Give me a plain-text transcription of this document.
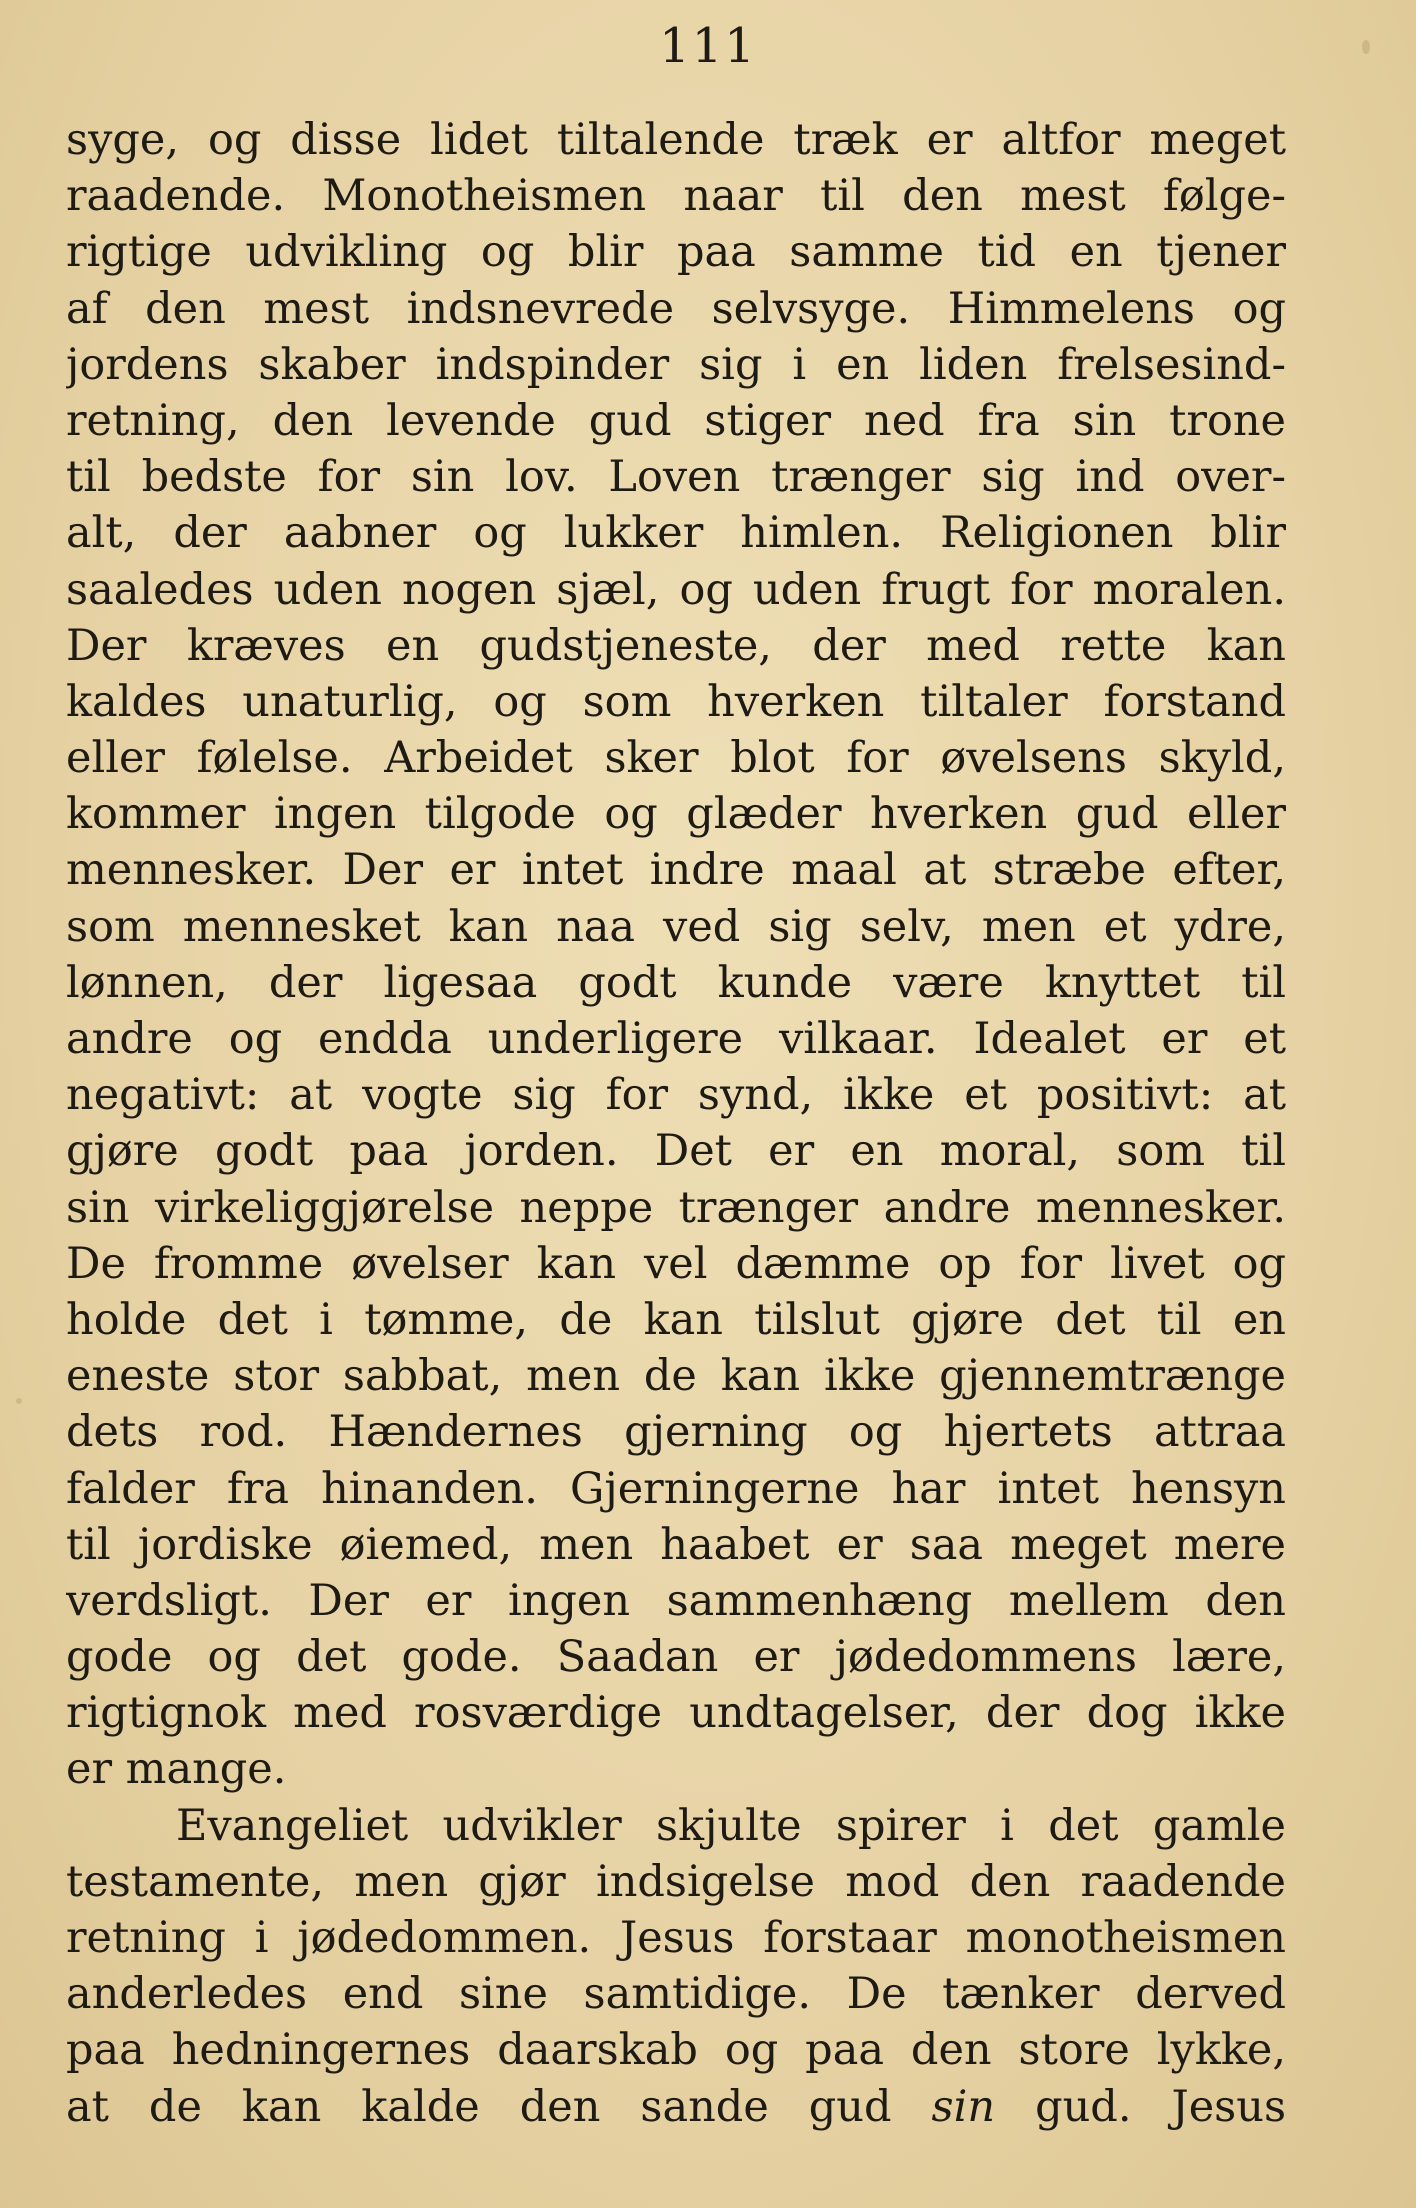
111
syge, og disse lidet tiltalende træk er altfor meget
raadende. Monotheismen naar til den mest følge-
rigtige udvikling og blir paa samme tid en tjener
af den mest indsnevrede selvsyge. Himmelens og
jordens skaber indspinder sig i en liden frelsesind-
retning, den levende gud stiger ned fra sin trone
til bedste for sin lov. Loven trænger sig ind over-
alt, der aabner og lukker himlen. Religionen blir
saaledes uden nogen sjæl, og uden frugt for moralen.
Der kræves en gudstjeneste, der med rette kan
kaldes unaturlig, og som hverken tiltaler forstand
eller følelse. Arbeidet sker blot for øvelsens skyld,
kommer ingen tilgode og glæder hverken gud eller
mennesker. Der er intet indre maal at stræbe efter,
som mennesket kan naa ved sig selv, men et ydre,
lønnen, der ligesaa godt kunde være knyttet til
andre og endda underligere vilkaar. Idealet er et
negativt: at vogte sig for synd, ikke et positivt: at
gjøre godt paa jorden. Det er en moral, som til
sin virkeliggjørelse neppe trænger andre mennesker.
De fromme øvelser kan vel dæmme op for livet og
holde det i tømme, de kan tilslut gjøre det til en
eneste stor sabbat, men de kan ikke gjennemtrænge
dets rod. Hændernes gjerning og hjertets attraa
falder fra hinanden. Gjerningerne har intet hensyn
til jordiske øiemed, men haabet er saa meget mere
verdsligt. Der er ingen sammenhæng mellem den
gode og det gode. Saadan er jødedommens lære,
rigtignok med rosværdige undtagelser, der dog ikke
er mange.
Evangeliet udvikler skjulte spirer i det gamle
testamente, men gjør indsigelse mod den raadende
retning i jødedommen. Jesus forstaar monotheismen
anderledes end sine samtidige. De tænker derved
paa hedningernes daarskab og paa den store lykke,
at de kan kalde den sande gud sin gud. Jesus
